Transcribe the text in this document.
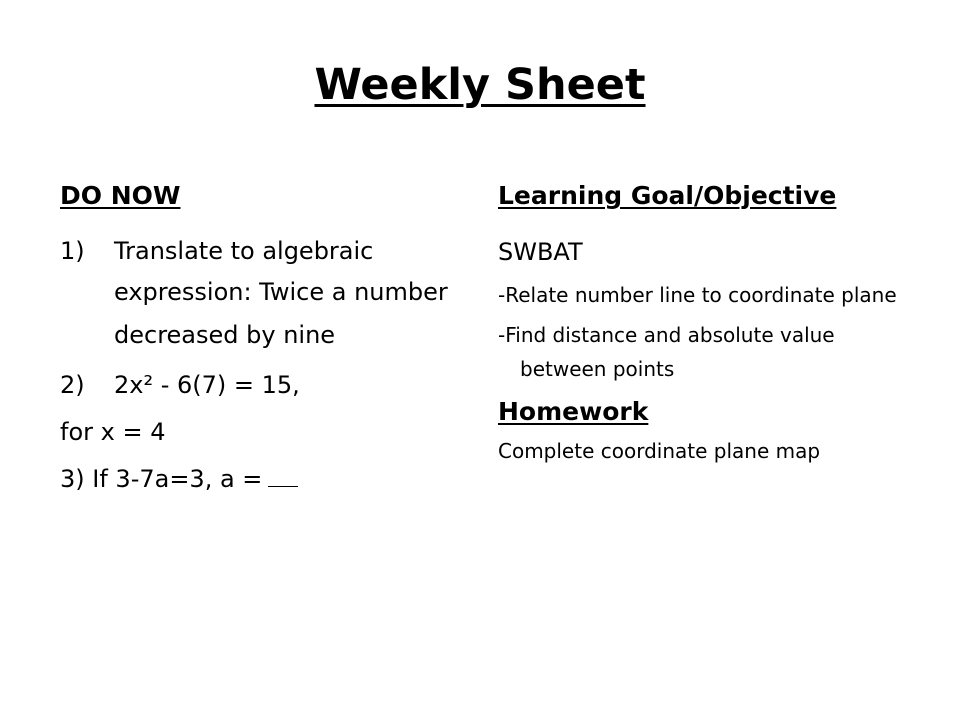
Weekly Sheet
DO NOW
1)	Translate to algebraic
expression: Twice a number decreased by nine
2)	2x² - 6(7) = 15,
for x = 4
3) If 3-7a=3, a =
Learning Goal/Objective
SWBAT
-Relate number line to coordinate plane
-Find distance and absolute value between points
Homework
Complete coordinate plane map
